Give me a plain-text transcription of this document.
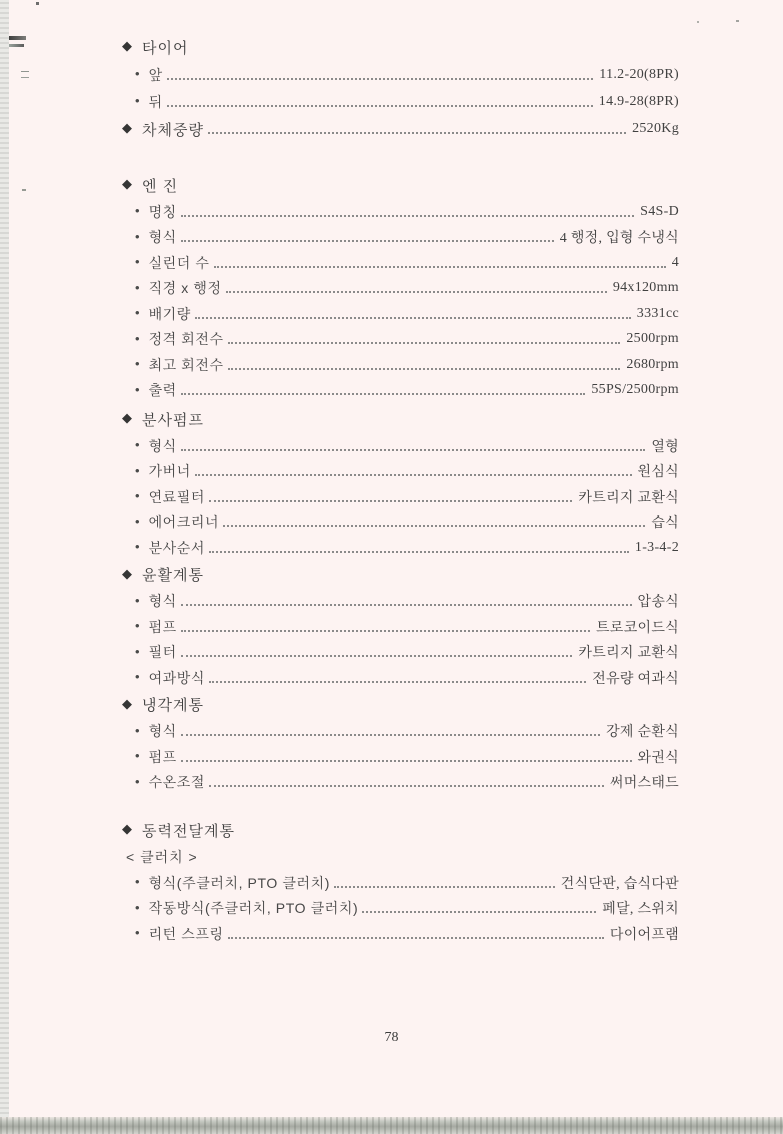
◆ 타이어
• 앞	11.2-20(8PR)
• 뒤	14.9-28(8PR)
◆ 차체중량	2520Kg
◆ 엔 진
• 명칭	S4S-D
• 형식	4 행정, 입형 수냉식
• 실린더 수	4
• 직경 x 행정	94x120mm
• 배기량	3331cc
• 정격 회전수	2500rpm
• 최고 회전수	2680rpm
• 출력	55PS/2500rpm
◆ 분사펌프
• 형식	열형
• 가버너	원심식
• 연료필터	카트리지 교환식
• 에어크리너	습식
• 분사순서	1-3-4-2
◆ 윤활계통
• 형식	압송식
• 펌프	트로코이드식
• 필터	카트리지 교환식
• 여과방식	전유량 여과식
◆ 냉각계통
• 형식	강제 순환식
• 펌프	와권식
• 수온조절	써머스태드
◆ 동력전달계통
< 클러치 >
• 형식(주클러치, PTO 클러치)	건식단판, 습식다판
• 작동방식(주클러치, PTO 클러치)	페달, 스위치
• 리턴 스프링	다이어프램
78
